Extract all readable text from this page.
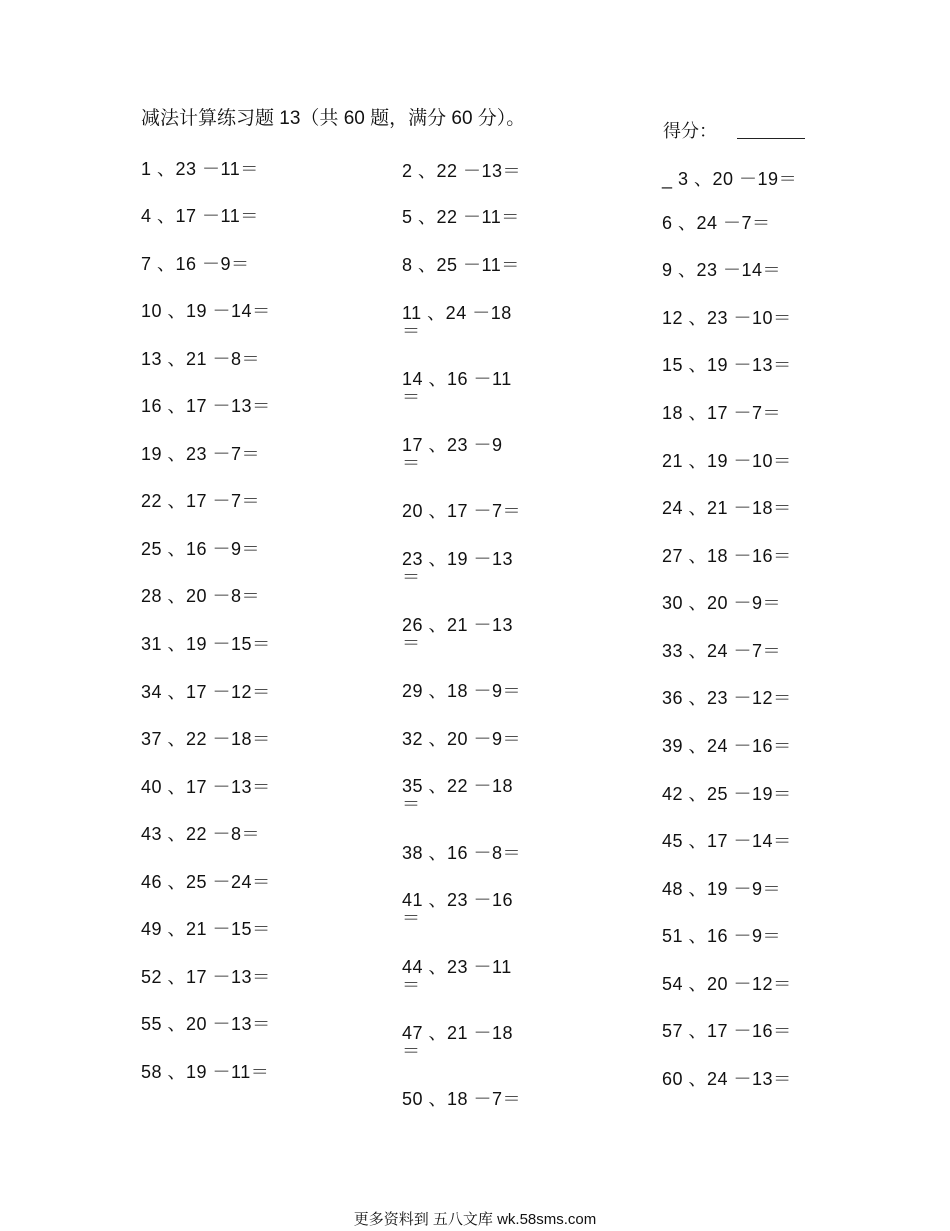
减法计算练习题 13（共 60 题，满分 60 分）。
得分：
1 、23 －11＝
4 、17 －11＝
7 、16 －9＝
10 、19 －14＝
13 、21 －8＝
16 、17 －13＝
19 、23 －7＝
22 、17 －7＝
25 、16 －9＝
28 、20 －8＝
31 、19 －15＝
34 、17 －12＝
37 、22 －18＝
40 、17 －13＝
43 、22 －8＝
46 、25 －24＝
49 、21 －15＝
52 、17 －13＝
55 、20 －13＝
58 、19 －11＝
2 、22 －13＝
5 、22 －11＝
8 、25 －11＝
11 、24 －18
＝
14 、16 －11
＝
17 、23 －9
＝
20 、17 －7＝
23 、19 －13
＝
26 、21 －13
＝
29 、18 －9＝
32 、20 －9＝
35 、22 －18
＝
38 、16 －8＝
41 、23 －16
＝
44 、23 －11
＝
47 、21 －18
＝
50 、18 －7＝
_ 3 、20 －19＝
6 、24 －7＝
9 、23 －14＝
12 、23 －10＝
15 、19 －13＝
18 、17 －7＝
21 、19 －10＝
24 、21 －18＝
27 、18 －16＝
30 、20 －9＝
33 、24 －7＝
36 、23 －12＝
39 、24 －16＝
42 、25 －19＝
45 、17 －14＝
48 、19 －9＝
51 、16 －9＝
54 、20 －12＝
57 、17 －16＝
60 、24 －13＝
更多资料到 五八文库 wk.58sms.com
